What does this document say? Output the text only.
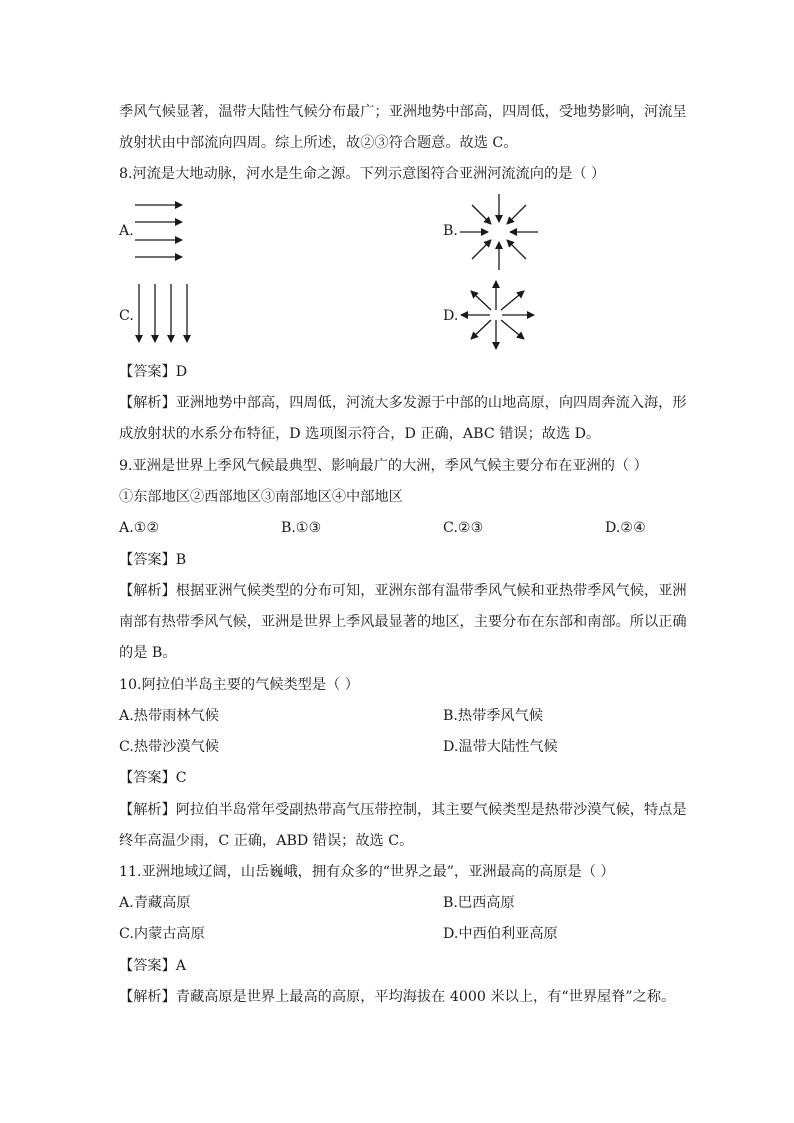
季风气候显著，温带大陆性气候分布最广；亚洲地势中部高，四周低，受地势影响，河流呈
放射状由中部流向四周。综上所述，故②③符合题意。故选 C。
8.河流是大地动脉，河水是生命之源。下列示意图符合亚洲河流流向的是（ ）
A.	B.
C.	D.
【答案】D
【解析】亚洲地势中部高，四周低，河流大多发源于中部的山地高原，向四周奔流入海，形
成放射状的水系分布特征，D 选项图示符合，D 正确，ABC 错误；故选 D。
9.亚洲是世界上季风气候最典型、影响最广的大洲，季风气候主要分布在亚洲的（ ）
①东部地区②西部地区③南部地区④中部地区
A.①②	B.①③	C.②③	D.②④
【答案】B
【解析】根据亚洲气候类型的分布可知，亚洲东部有温带季风气候和亚热带季风气候，亚洲
南部有热带季风气候，亚洲是世界上季风最显著的地区，主要分布在东部和南部。所以正确
的是 B。
10.阿拉伯半岛主要的气候类型是（ ）
A.热带雨林气候	B.热带季风气候
C.热带沙漠气候	D.温带大陆性气候
【答案】C
【解析】阿拉伯半岛常年受副热带高气压带控制，其主要气候类型是热带沙漠气候，特点是
终年高温少雨，C 正确，ABD 错误；故选 C。
11.亚洲地域辽阔，山岳巍峨，拥有众多的“世界之最”，亚洲最高的高原是（ ）
A.青藏高原	B.巴西高原
C.内蒙古高原	D.中西伯利亚高原
【答案】A
【解析】青藏高原是世界上最高的高原，平均海拔在 4000 米以上，有“世界屋脊”之称。
